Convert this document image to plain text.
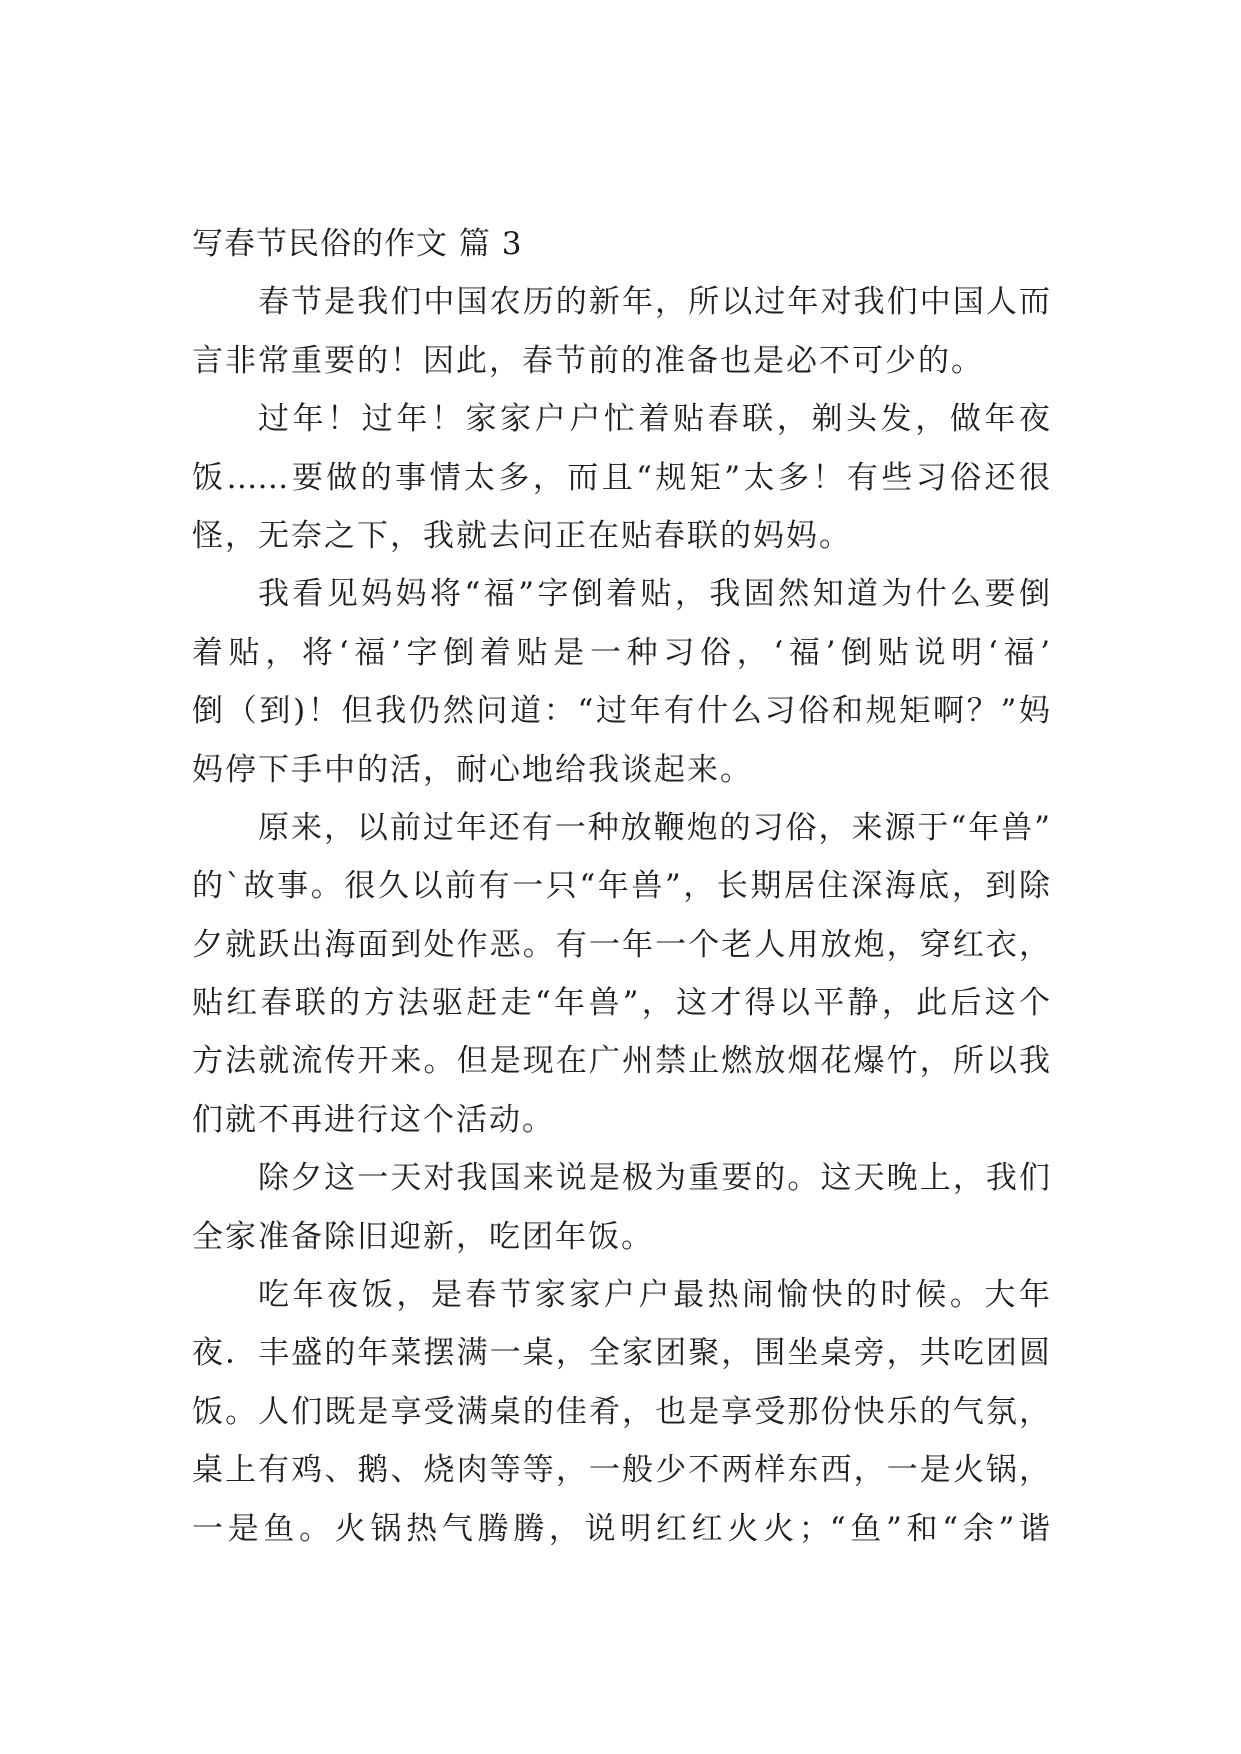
写春节民俗的作文 篇 3
春节是我们中国农历的新年，所以过年对我们中国人而
言非常重要的！因此，春节前的准备也是必不可少的。
过年！过年！家家户户忙着贴春联，剃头发，做年夜
饭……要做的事情太多，而且“规矩”太多！有些习俗还很
怪，无奈之下，我就去问正在贴春联的妈妈。
我看见妈妈将“福”字倒着贴，我固然知道为什么要倒
着贴，将‘福’字倒着贴是一种习俗，‘福’倒贴说明‘福’
倒（到)！但我仍然问道：“过年有什么习俗和规矩啊？”妈
妈停下手中的活，耐心地给我谈起来。
原来，以前过年还有一种放鞭炮的习俗，来源于“年兽”
的`故事。很久以前有一只“年兽”，长期居住深海底，到除
夕就跃出海面到处作恶。有一年一个老人用放炮，穿红衣，
贴红春联的方法驱赶走“年兽”，这才得以平静，此后这个
方法就流传开来。但是现在广州禁止燃放烟花爆竹，所以我
们就不再进行这个活动。
除夕这一天对我国来说是极为重要的。这天晚上，我们
全家准备除旧迎新，吃团年饭。
吃年夜饭，是春节家家户户最热闹愉快的时候。大年
夜．丰盛的年菜摆满一桌，全家团聚，围坐桌旁，共吃团圆
饭。人们既是享受满桌的佳肴，也是享受那份快乐的气氛，
桌上有鸡、鹅、烧肉等等，一般少不两样东西，一是火锅，
一是鱼。火锅热气腾腾，说明红红火火；“鱼”和“余”谐
